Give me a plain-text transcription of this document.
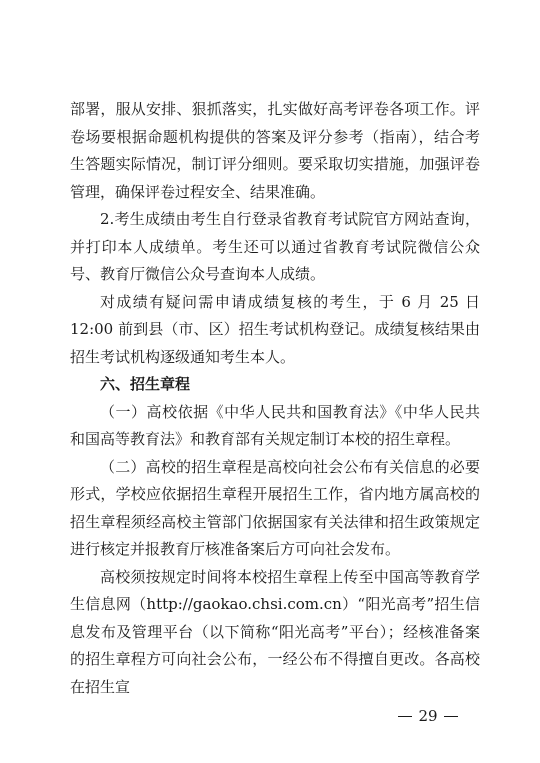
部署，服从安排、狠抓落实，扎实做好高考评卷各项工作。评卷场要根据命题机构提供的答案及评分参考（指南），结合考生答题实际情况，制订评分细则。要采取切实措施，加强评卷管理，确保评卷过程安全、结果准确。

2.考生成绩由考生自行登录省教育考试院官方网站查询，并打印本人成绩单。考生还可以通过省教育考试院微信公众号、教育厅微信公众号查询本人成绩。

对成绩有疑问需申请成绩复核的考生，于 6 月 25 日 12:00 前到县（市、区）招生考试机构登记。成绩复核结果由招生考试机构逐级通知考生本人。

六、招生章程

（一）高校依据《中华人民共和国教育法》《中华人民共和国高等教育法》和教育部有关规定制订本校的招生章程。

（二）高校的招生章程是高校向社会公布有关信息的必要形式，学校应依据招生章程开展招生工作，省内地方属高校的招生章程须经高校主管部门依据国家有关法律和招生政策规定进行核定并报教育厅核准备案后方可向社会发布。

高校须按规定时间将本校招生章程上传至中国高等教育学生信息网（http://gaokao.chsi.com.cn）“阳光高考”招生信息发布及管理平台（以下简称“阳光高考”平台）；经核准备案的招生章程方可向社会公布，一经公布不得擅自更改。各高校在招生宣

29
